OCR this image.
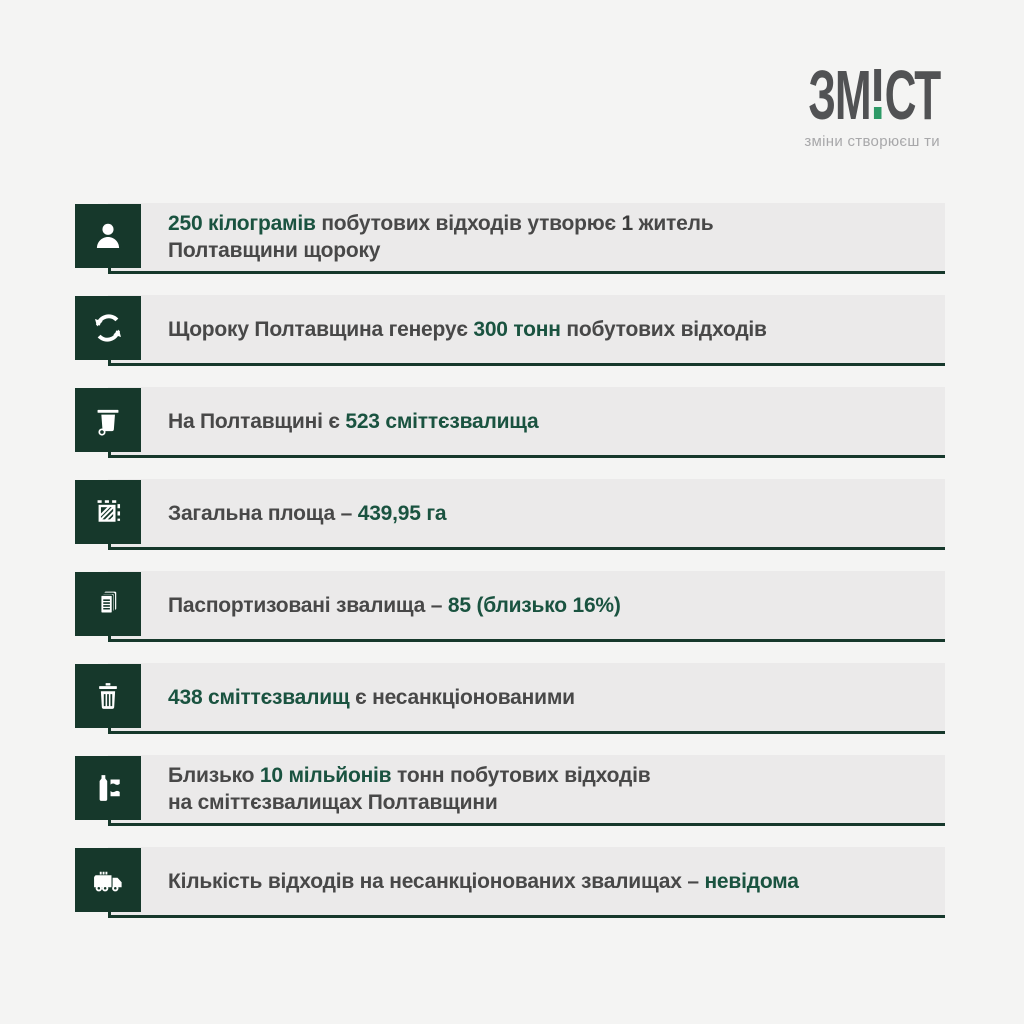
ЗМ СТ
зміни створюєш ти
250 кілограмів побутових відходів утворює 1 житель
Полтавщини щороку
Щороку Полтавщина генерує 300 тонн побутових відходів
На Полтавщині є 523 сміттєзвалища
Загальна площа – 439,95 га
Паспортизовані звалища – 85 (близько 16%)
438 сміттєзвалищ є несанкціонованими
Близько 10 мільйонів тонн побутових відходів
на сміттєзвалищах Полтавщини
Кількість відходів на несанкціонованих звалищах – невідома
